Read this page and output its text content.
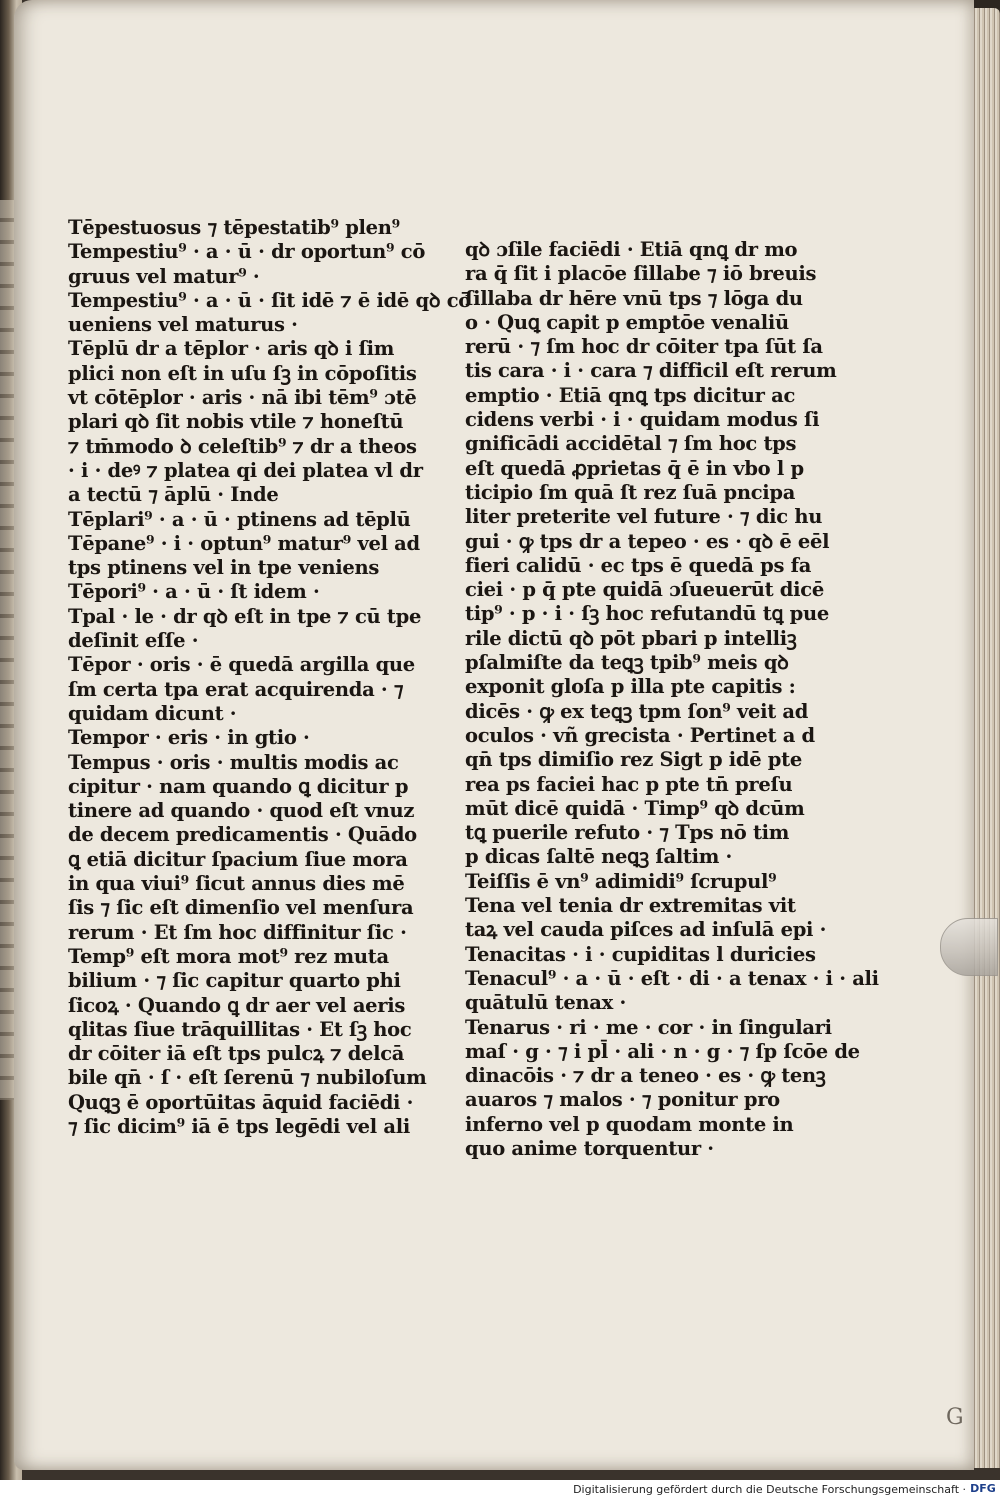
Tēpestuosus ⁊ tēpestatib⁹ plen⁹
Tempestiu⁹ · a · ū · dr oportun⁹ cō
gruus vel matur⁹ ·
Tempestiu⁹ · a · ū · ſit idē ⁊ ē idē qꝺ cō
ueniens vel maturus ·
Tēplū dr a tēplor · aris qꝺ i ſim
plici non eſt in uſu ſꝫ in cōpoſitis
vt cōtēplor · aris · nā ibi tēm⁹ ɔtē
plari qꝺ ſit nobis vtile ⁊ honeſtū
⁊ tm̄modo ꝺ celeſtib⁹ ⁊ dr a theos
· i · deꝰ ⁊ platea qi dei platea vl dr
a tectū ⁊ āplū · Inde
Tēplari⁹ · a · ū · ptinens ad tēplū
Tēpane⁹ · i · optun⁹ matur⁹ vel ad
tps ptinens vel in tpe veniens
Tēpori⁹ · a · ū · ſt idem ·
Tpal · le · dr qꝺ eſt in tpe ⁊ cū tpe
deſinit eſſe ·
Tēpor · oris · ē quedā argilla que
ſm certa tpa erat acquirenda · ⁊
quidam dicunt ·
Tempor · eris · in gtio ·
Tempus · oris · multis modis ac
cipitur · nam quando ꝗ dicitur p
tinere ad quando · quod eſt vnuz
de decem predicamentis · Quādo
ꝗ etiā dicitur ſpacium ſiue mora
in qua viui⁹ ſicut annus dies mē
ſis ⁊ ſic eſt dimenſio vel menſura
rerum · Et ſm hoc diffinitur ſic ·
Temp⁹ eſt mora mot⁹ rez muta
bilium · ⁊ ſic capitur quarto phi
ſicoꝝ · Quando ꝗ dr aer vel aeris
qlitas ſiue trāquillitas · Et ſꝫ hoc
dr cōiter iā eſt tps pulcꝝ ⁊ delcā
bile qn̄ · ſ · eſt ſerenū ⁊ nubiloſum
Quꝗꝫ ē oportūitas āquid faciēdi ·
⁊ ſic dicim⁹ iā ē tps legēdi vel ali
qꝺ ɔſile faciēdi · Etiā qnꝗ dr mo
ra q̄ ſit i placōe ſillabe ⁊ iō breuis
ſillaba dr hēre vnū tps ⁊ lōga du
o · Quꝗ capit p emptōe venaliū
rerū · ⁊ ſm hoc dr cōiter tpa ſūt ſa
tis cara · i · cara ⁊ difficil eſt rerum
emptio · Etiā qnꝗ tps dicitur ac
cidens verbi · i · quidam modus ſi
gnificādi accidētal ⁊ ſm hoc tps
eſt quedā ꝓprietas q̄ ē in vbo l p
ticipio ſm quā ſt rez ſuā pncipa
liter preterite vel future · ⁊ dic hu
gui · ꝙ tps dr a tepeo · es · qꝺ ē eēl
fieri calidū · ec tps ē quedā ps fa
ciei · p q̄ pte quidā ɔſueuerūt dicē
tip⁹ · p · i · ſꝫ hoc refutandū tꝗ pue
rile dictū qꝺ pōt pbari p intelliꝫ
pſalmiſte da teꝗꝫ tpib⁹ meis qꝺ
exponit gloſa p illa pte capitis :
dicēs · ꝙ ex teꝗꝫ tpm ſon⁹ veit ad
oculos · vñ grecista · Pertinet a d
qn̄ tps dimiſio rez Sigt p idē pte
rea ps faciei hac p pte tn̄ preſu
mūt dicē quidā · Timp⁹ qꝺ dcūm
tꝗ puerile refuto · ⁊ Tps nō tim
p dicas ſaltē neꝗꝫ ſaltim ·
Teiſſis ē vn⁹ adimidi⁹ ſcrupul⁹
Tena vel tenia dr extremitas vit
taꝝ vel cauda piſces ad inſulā epi ·
Tenacitas · i · cupiditas l duricies
Tenacul⁹ · a · ū · eſt · di · a tenax · i · ali
quātulū tenax ·
Tenarus · ri · me · cor · in ſingulari
maſ · g · ⁊ i pl̄ · ali · n · g · ⁊ ſp ſcōe de
dinacōis · ⁊ dr a teneo · es · ꝙ tenꝫ
auaros ⁊ malos · ⁊ ponitur pro
inferno vel p quodam monte in
quo anime torquentur ·
G
Digitalisierung gefördert durch die Deutsche Forschungsgemeinschaft · DFG
